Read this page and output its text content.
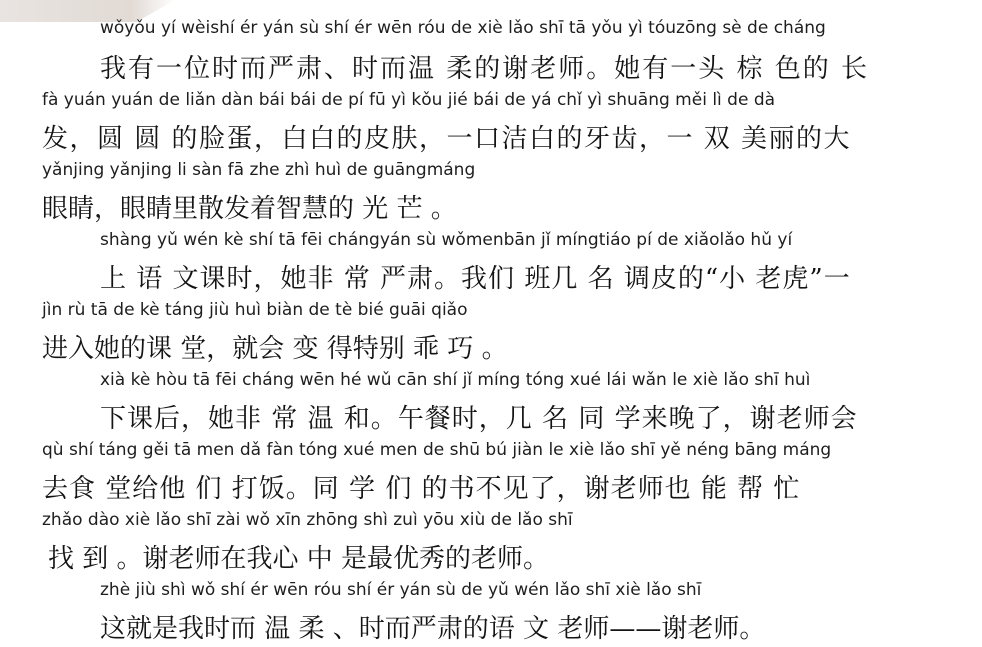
wǒyǒu yí wèishí ér yán sù shí ér wēn róu de xiè lǎo shī tā yǒu yì tóuzōng sè de cháng
我有一位时而严肃、时而温 柔的谢老师。她有一头 棕 色的 长
fà yuán yuán de liǎn dàn bái bái de pí fū yì kǒu jié bái de yá chǐ yì shuāng měi lì de dà
发，圆 圆 的脸蛋，白白的皮肤，一口洁白的牙齿，一 双 美丽的大
yǎnjing yǎnjing li sàn fā zhe zhì huì de guāngmáng
眼睛，眼睛里散发着智慧的 光 芒 。
shàng yǔ wén kè shí tā fēi chángyán sù wǒmenbān jǐ míngtiáo pí de xiǎolǎo hǔ yí
上 语 文课时，她非 常 严肃。我们 班几 名 调皮的“小 老虎”一
jìn rù tā de kè táng jiù huì biàn de tè bié guāi qiǎo
进入她的课 堂，就会 变 得特别 乖 巧 。
xià kè hòu tā fēi cháng wēn hé wǔ cān shí jǐ míng tóng xué lái wǎn le xiè lǎo shī huì
下课后，她非 常 温 和。午餐时，几 名 同 学来晚了，谢老师会
qù shí táng gěi tā men dǎ fàn tóng xué men de shū bú jiàn le xiè lǎo shī yě néng bāng máng
去食 堂给他 们 打饭。同 学 们 的书不见了，谢老师也 能 帮 忙
zhǎo dào xiè lǎo shī zài wǒ xīn zhōng shì zuì yōu xiù de lǎo shī
找 到 。谢老师在我心 中 是最优秀的老师。
zhè jiù shì wǒ shí ér wēn róu shí ér yán sù de yǔ wén lǎo shī xiè lǎo shī
这就是我时而 温 柔 、时而严肃的语 文 老师——谢老师。
